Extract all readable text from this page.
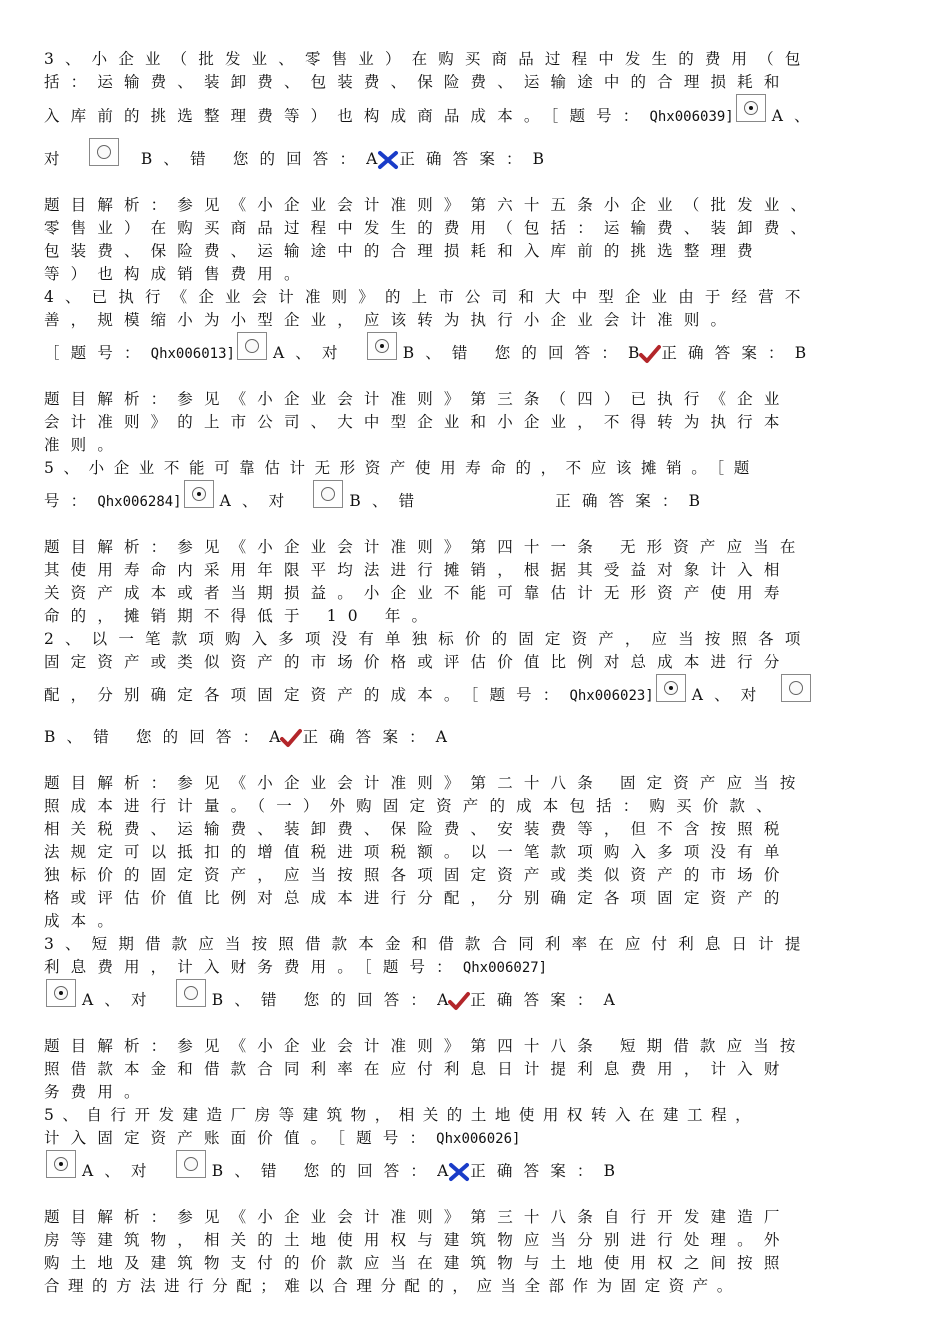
3、小企业（批发业、零售业）在购买商品过程中发生的费用（包
括：运输费、装卸费、包装费、保险费、运输途中的合理损耗和
入库前的挑选整理费等）也构成商品成本。［题号：Qhx006039] A、
对	B、错 您的回答：A 正确答案：B
题目解析：参见《小企业会计准则》第六十五条小企业（批发业、
零售业）在购买商品过程中发生的费用（包括：运输费、装卸费、
包装费、保险费、运输途中的合理损耗和入库前的挑选整理费
等）也构成销售费用。
4、已执行《企业会计准则》的上市公司和大中型企业由于经营不
善，规模缩小为小型企业，应该转为执行小企业会计准则。
［题号：Qhx006013] A、对	B、错 您的回答：B 正确答案：B
题目解析：参见《小企业会计准则》第三条（四）已执行《企业
会计准则》的上市公司、大中型企业和小企业，不得转为执行本
准则。
5、小企业不能可靠估计无形资产使用寿命的，不应该摊销。［题
号：Qhx006284] A、对	B、错	正确答案：B
题目解析：参见《小企业会计准则》第四十一条 无形资产应当在
其使用寿命内采用年限平均法进行摊销，根据其受益对象计入相
关资产成本或者当期损益。小企业不能可靠估计无形资产使用寿
命的，摊销期不得低于 10 年。
2、以一笔款项购入多项没有单独标价的固定资产，应当按照各项
固定资产或类似资产的市场价格或评估价值比例对总成本进行分
配，分别确定各项固定资产的成本。［题号：Qhx006023] A、对
B、错 您的回答：A 正确答案：A
题目解析：参见《小企业会计准则》第二十八条 固定资产应当按
照成本进行计量。（一）外购固定资产的成本包括：购买价款、
相关税费、运输费、装卸费、保险费、安装费等，但不含按照税
法规定可以抵扣的增值税进项税额。以一笔款项购入多项没有单
独标价的固定资产，应当按照各项固定资产或类似资产的市场价
格或评估价值比例对总成本进行分配，分别确定各项固定资产的
成本。
3、短期借款应当按照借款本金和借款合同利率在应付利息日计提
利息费用，计入财务费用。［题号：Qhx006027]
A、对	B、错 您的回答：A 正确答案：A
题目解析：参见《小企业会计准则》第四十八条 短期借款应当按
照借款本金和借款合同利率在应付利息日计提利息费用，计入财
务费用。
5、自行开发建造厂房等建筑物，相关的土地使用权转入在建工程，
计入固定资产账面价值。［题号：Qhx006026]
A、对	B、错 您的回答：A 正确答案：B
题目解析：参见《小企业会计准则》第三十八条自行开发建造厂
房等建筑物，相关的土地使用权与建筑物应当分别进行处理。外
购土地及建筑物支付的价款应当在建筑物与土地使用权之间按照
合理的方法进行分配；难以合理分配的，应当全部作为固定资产。
